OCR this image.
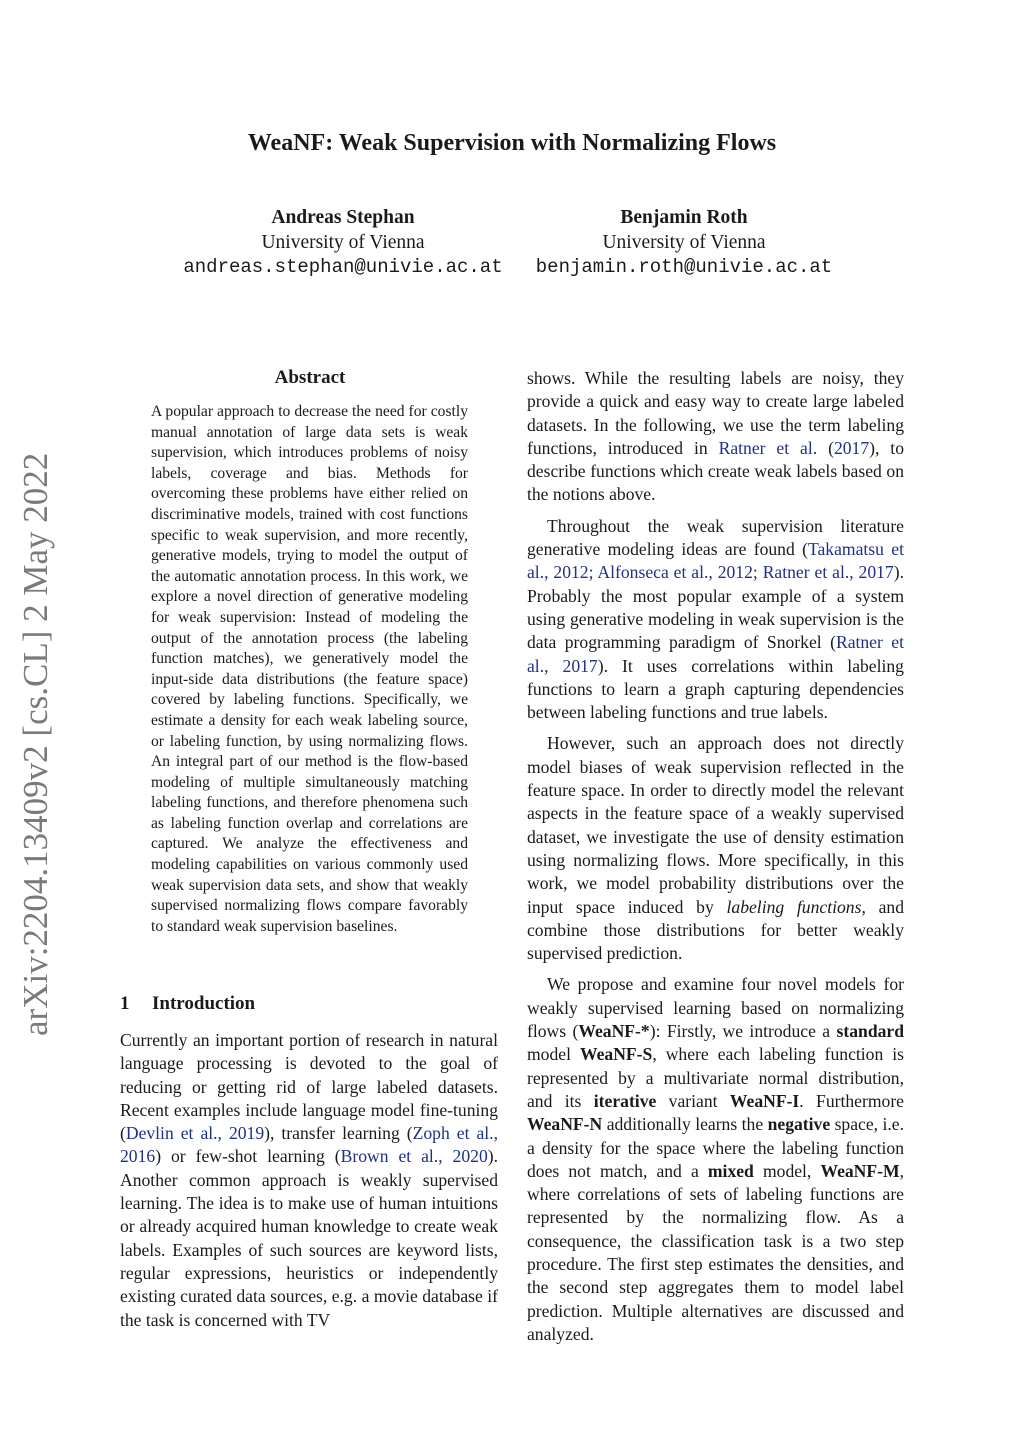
arXiv:2204.13409v2 [cs.CL] 2 May 2022
WeaNF: Weak Supervision with Normalizing Flows
Andreas Stephan
University of Vienna
andreas.stephan@univie.ac.at
Benjamin Roth
University of Vienna
benjamin.roth@univie.ac.at
Abstract

A popular approach to decrease the need for costly manual annotation of large data sets is weak supervision, which introduces problems of noisy labels, coverage and bias. Methods for overcoming these problems have either relied on discriminative models, trained with cost functions specific to weak supervision, and more recently, generative models, trying to model the output of the automatic annotation process. In this work, we explore a novel direction of generative modeling for weak supervision: Instead of modeling the output of the annotation process (the labeling function matches), we generatively model the input-side data distributions (the feature space) covered by labeling functions. Specifically, we estimate a density for each weak labeling source, or labeling function, by using normalizing flows. An integral part of our method is the flow-based modeling of multiple simultaneously matching labeling functions, and therefore phenomena such as labeling function overlap and correlations are captured. We analyze the effectiveness and modeling capabilities on various commonly used weak supervision data sets, and show that weakly supervised normalizing flows compare favorably to standard weak supervision baselines.

1 Introduction

Currently an important portion of research in natural language processing is devoted to the goal of reducing or getting rid of large labeled datasets. Recent examples include language model fine-tuning (Devlin et al., 2019), transfer learning (Zoph et al., 2016) or few-shot learning (Brown et al., 2020). Another common approach is weakly supervised learning. The idea is to make use of human intuitions or already acquired human knowledge to create weak labels. Examples of such sources are keyword lists, regular expressions, heuristics or independently existing curated data sources, e.g. a movie database if the task is concerned with TV

shows. While the resulting labels are noisy, they provide a quick and easy way to create large labeled datasets. In the following, we use the term labeling functions, introduced in Ratner et al. (2017), to describe functions which create weak labels based on the notions above.

Throughout the weak supervision literature generative modeling ideas are found (Takamatsu et al., 2012; Alfonseca et al., 2012; Ratner et al., 2017). Probably the most popular example of a system using generative modeling in weak supervision is the data programming paradigm of Snorkel (Ratner et al., 2017). It uses correlations within labeling functions to learn a graph capturing dependencies between labeling functions and true labels.

However, such an approach does not directly model biases of weak supervision reflected in the feature space. In order to directly model the relevant aspects in the feature space of a weakly supervised dataset, we investigate the use of density estimation using normalizing flows. More specifically, in this work, we model probability distributions over the input space induced by labeling functions, and combine those distributions for better weakly supervised prediction.

We propose and examine four novel models for weakly supervised learning based on normalizing flows (WeaNF-*): Firstly, we introduce a standard model WeaNF-S, where each labeling function is represented by a multivariate normal distribution, and its iterative variant WeaNF-I. Furthermore WeaNF-N additionally learns the negative space, i.e. a density for the space where the labeling function does not match, and a mixed model, WeaNF-M, where correlations of sets of labeling functions are represented by the normalizing flow. As a consequence, the classification task is a two step procedure. The first step estimates the densities, and the second step aggregates them to model label prediction. Multiple alternatives are discussed and analyzed.
